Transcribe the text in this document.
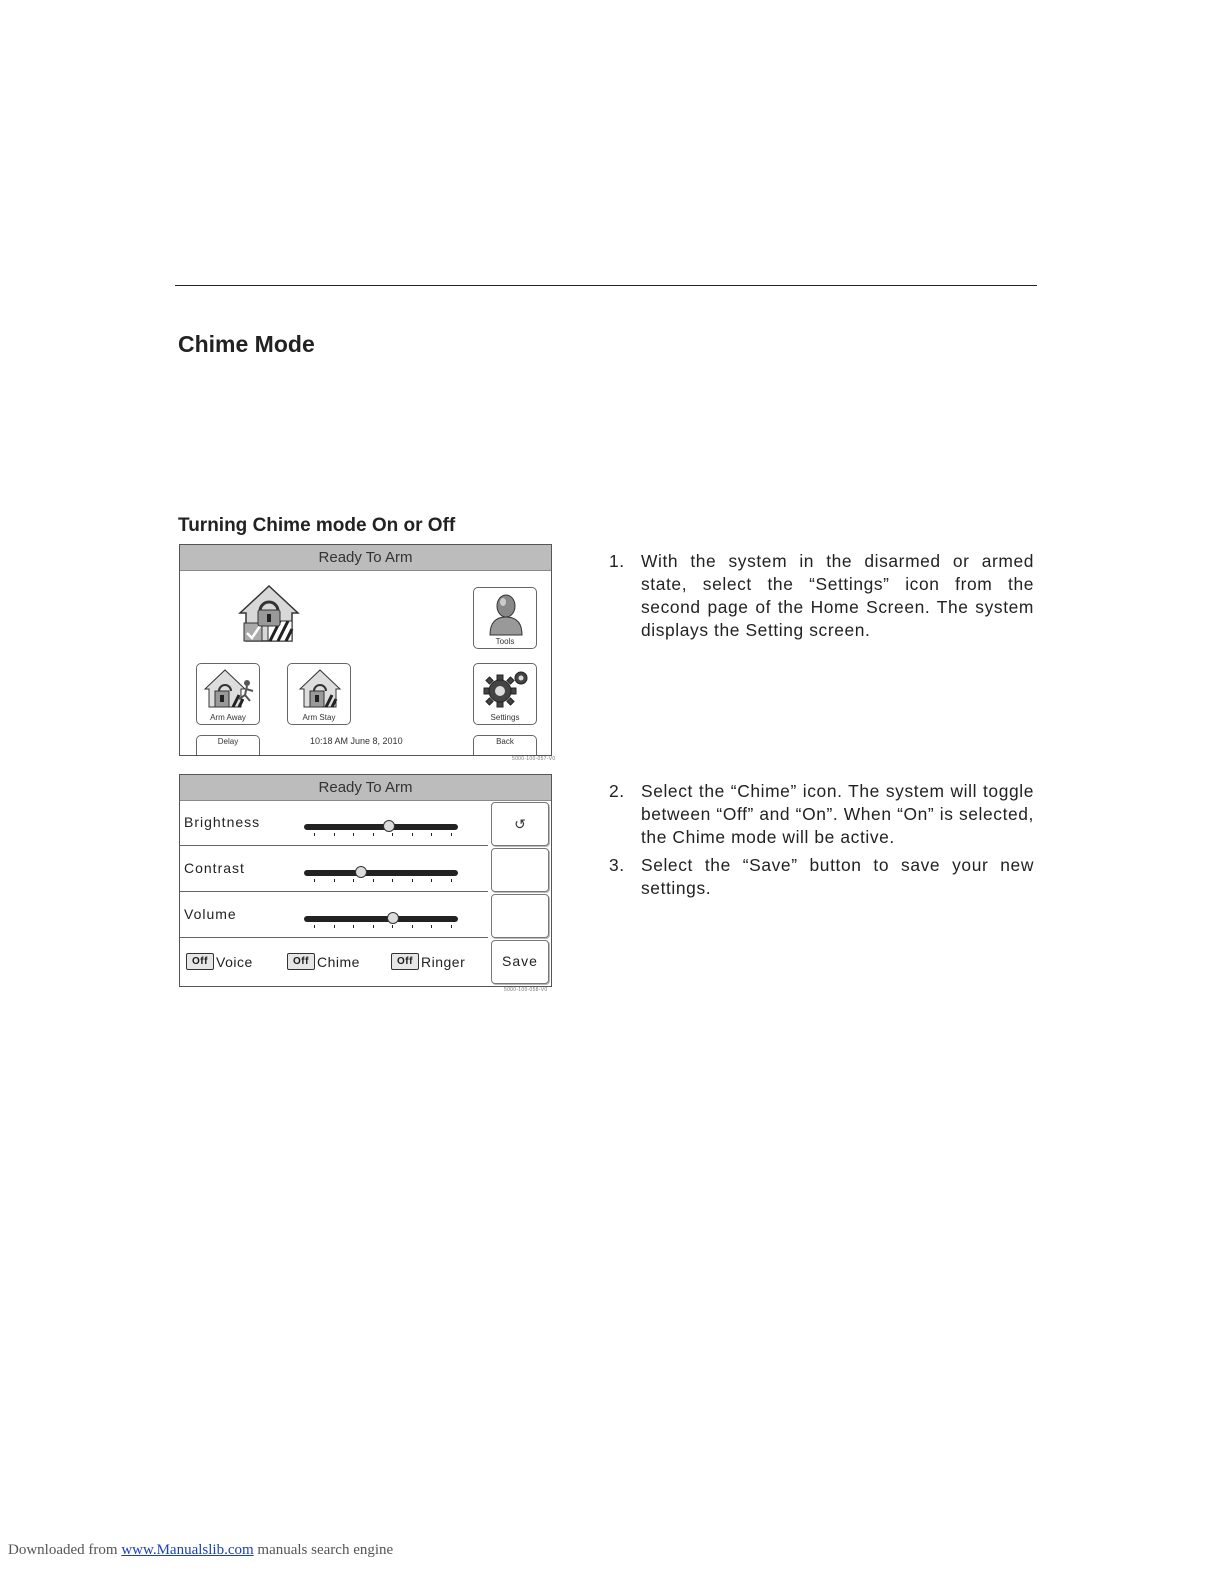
Chime Mode
Turning Chime mode On or Off
Ready To Arm
Tools
Arm Away	Arm Stay	Settings
Delay	Back
10:18 AM June 8, 2010
5000-100-057-V0
Ready To Arm
Brightness
Contrast
Volume
↺
Save
Off Voice	Off Chime	Off Ringer
5000-100-058-V0
1. With the system in the disarmed or armed state, select the “Settings” icon from the second page of the Home Screen. The system displays the Setting screen.
2. Select the “Chime” icon. The system will toggle between “Off” and “On”. When “On” is selected, the Chime mode will be active.
3. Select the “Save” button to save your new settings.
Downloaded from www.Manualslib.com manuals search engine
